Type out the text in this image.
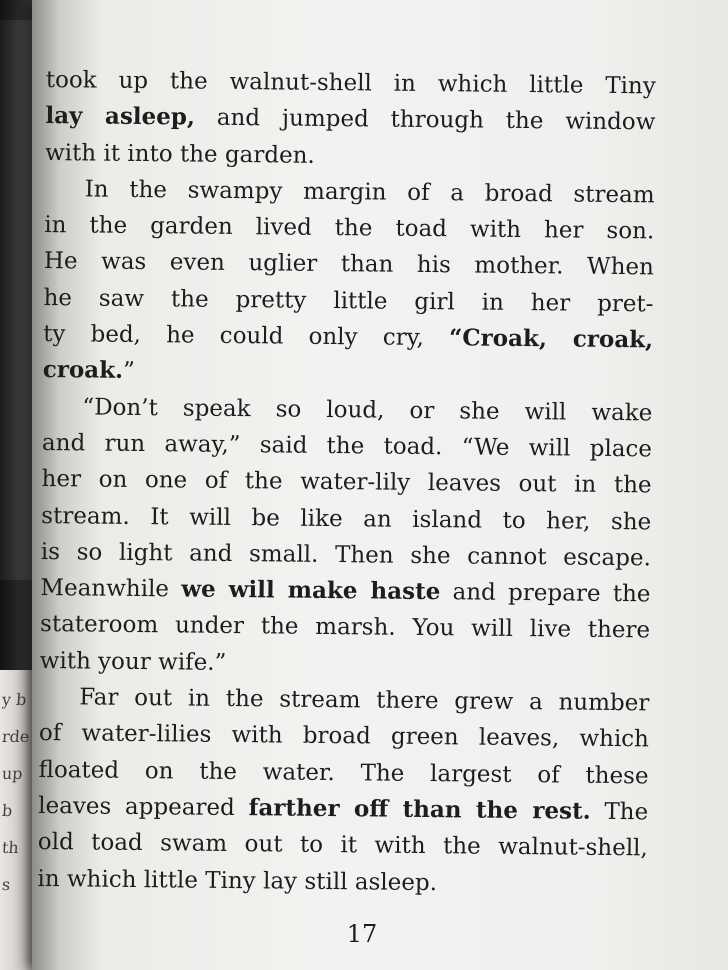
y b
rde
up
b
th
s
took up the walnut-shell in which little Tiny
lay asleep, and jumped through the window
with it into the garden.
In the swampy margin of a broad stream
in the garden lived the toad with her son.
He was even uglier than his mother. When
he saw the pretty little girl in her pret-
ty bed, he could only cry, “Croak, croak,
croak.”
“Don’t speak so loud, or she will wake
and run away,” said the toad. “We will place
her on one of the water-lily leaves out in the
stream. It will be like an island to her, she
is so light and small. Then she cannot escape.
Meanwhile we will make haste and prepare the
stateroom under the marsh. You will live there
with your wife.”
Far out in the stream there grew a number
of water-lilies with broad green leaves, which
floated on the water. The largest of these
leaves appeared farther off than the rest. The
old toad swam out to it with the walnut-shell,
in which little Tiny lay still asleep.
17
